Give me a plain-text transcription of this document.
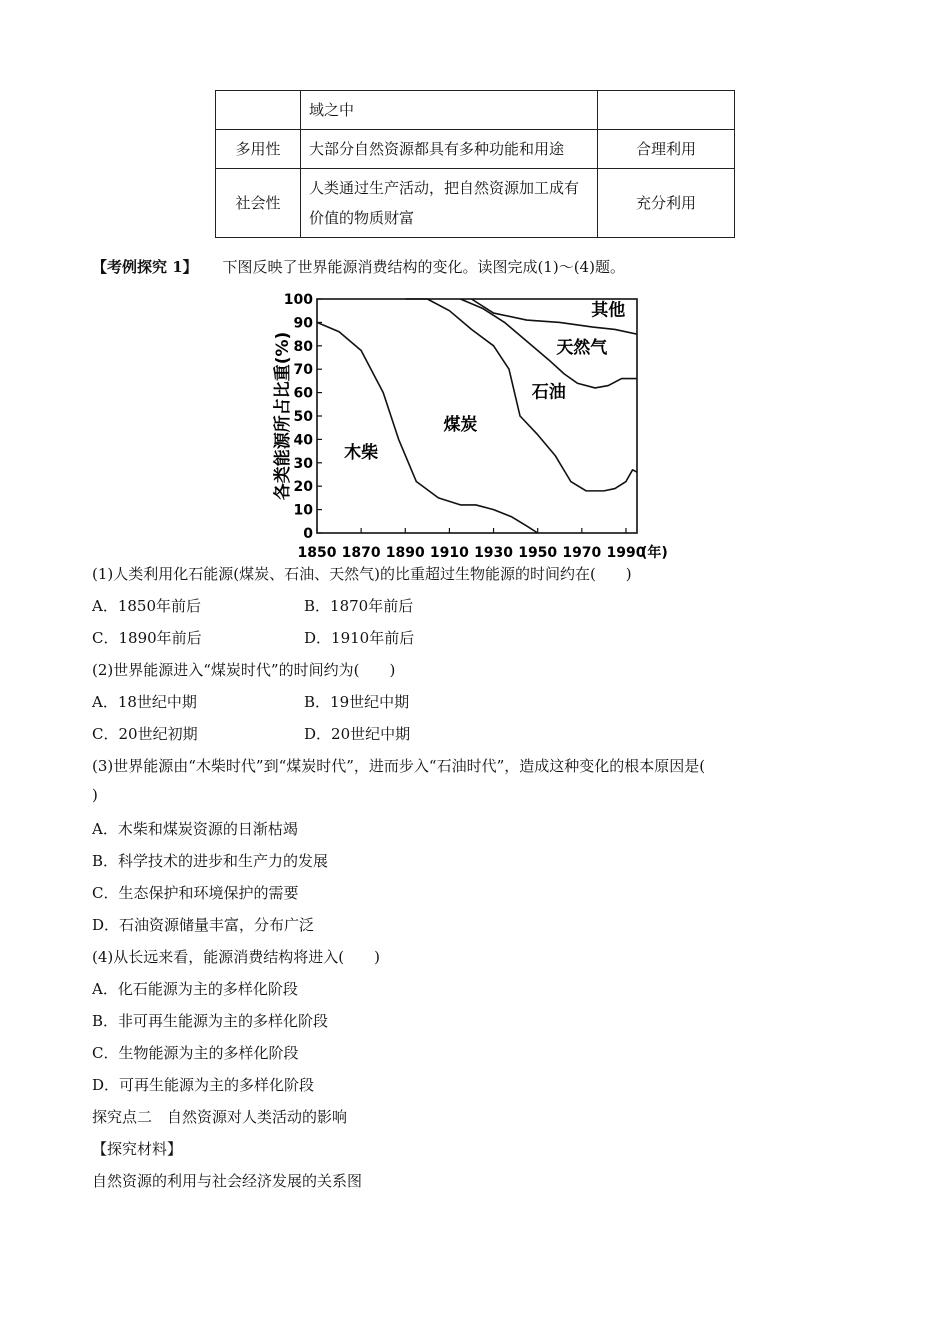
	域之中	
多用性	大部分自然资源都具有多种功能和用途	合理利用
社会性	人类通过生产活动，把自然资源加工成有价值的物质财富	充分利用
【考例探究 1】 下图反映了世界能源消费结构的变化。读图完成(1)～(4)题。
0
10
20
30
40
50
60
70
80
90
100
1850 1870 1890 1910 1930 1950 1970 1990
(年)
各类能源所占比重(%)	木柴
煤炭
石油
天然气
其他
(1)人类利用化石能源(煤炭、石油、天然气)的比重超过生物能源的时间约在(　　)
A．1850年前后	B．1870年前后
C．1890年前后	D．1910年前后
(2)世界能源进入“煤炭时代”的时间约为(　　)
A．18世纪中期	B．19世纪中期
C．20世纪初期	D．20世纪中期
(3)世界能源由“木柴时代”到“煤炭时代”，进而步入“石油时代”，造成这种变化的根本原因是(
)
A．木柴和煤炭资源的日渐枯竭
B．科学技术的进步和生产力的发展
C．生态保护和环境保护的需要
D．石油资源储量丰富，分布广泛
(4)从长远来看，能源消费结构将进入(　　)
A．化石能源为主的多样化阶段
B．非可再生能源为主的多样化阶段
C．生物能源为主的多样化阶段
D．可再生能源为主的多样化阶段
探究点二　自然资源对人类活动的影响
【探究材料】
自然资源的利用与社会经济发展的关系图
